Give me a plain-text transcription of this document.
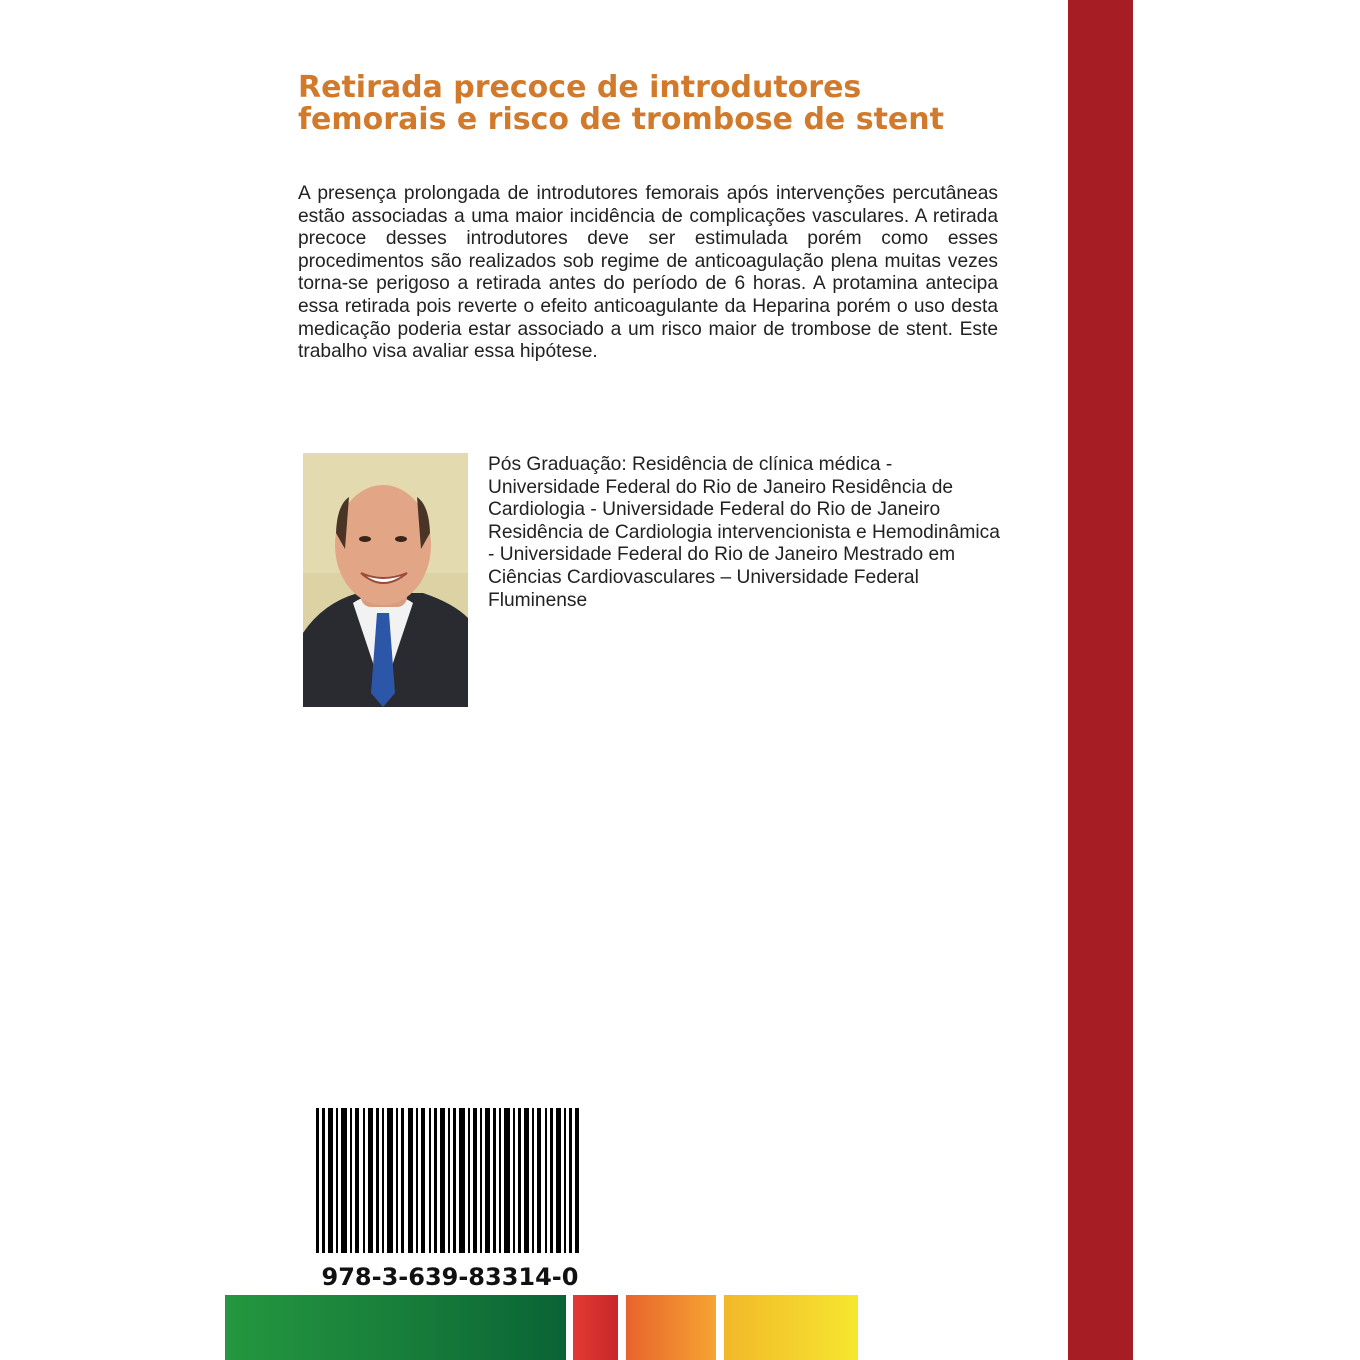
Retirada precoce de introdutores femorais e risco de trombose de stent

A presença prolongada de introdutores femorais após intervenções percutâneas estão associadas a uma maior incidência de complicações vasculares. A retirada precoce desses introdutores deve ser estimulada porém como esses procedimentos são realizados sob regime de anticoagulação plena muitas vezes torna-se perigoso a retirada antes do período de 6 horas. A protamina antecipa essa retirada pois reverte o efeito anticoagulante da Heparina porém o uso desta medicação poderia estar associado a um risco maior de trombose de stent. Este trabalho visa avaliar essa hipótese.

Pós Graduação: Residência de clínica médica - Universidade Federal do Rio de Janeiro Residência de Cardiologia - Universidade Federal do Rio de Janeiro Residência de Cardiologia intervencionista e Hemodinâmica - Universidade Federal do Rio de Janeiro Mestrado em Ciências Cardiovasculares – Universidade Federal Fluminense

978-3-639-83314-0
